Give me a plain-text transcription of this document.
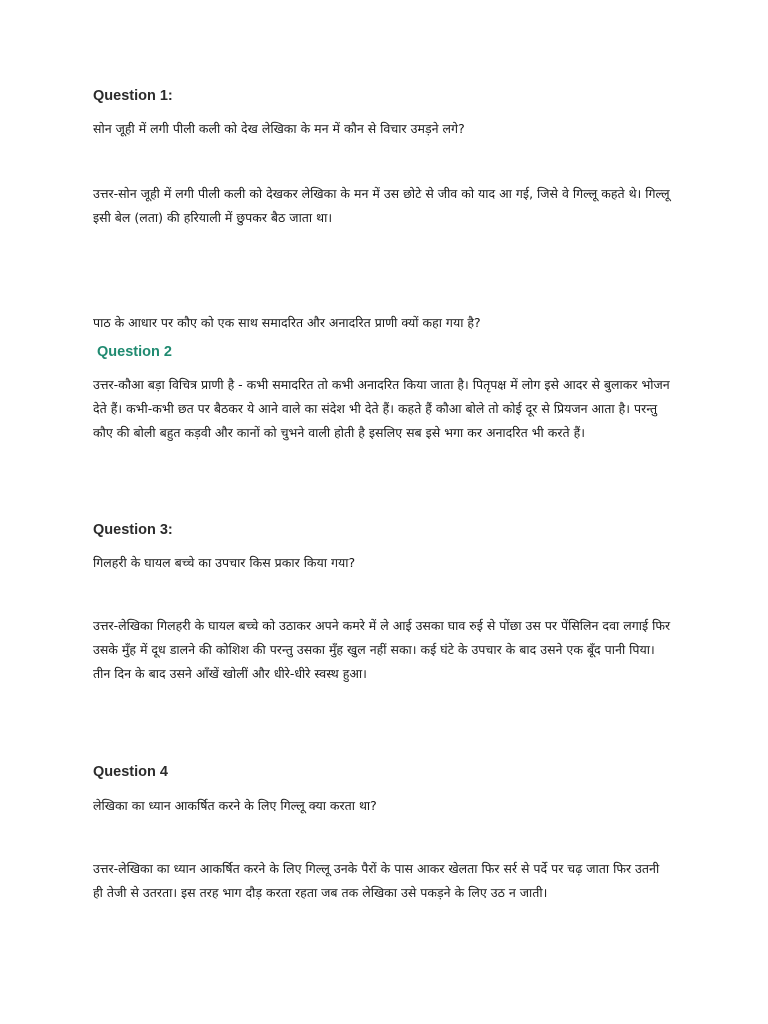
Question 1:
सोन जूही में लगी पीली कली को देख लेखिका के मन में कौन से विचार उमड़ने लगे?
उत्तर-सोन जूही में लगी पीली कली को देखकर लेखिका के मन में उस छोटे से जीव को याद आ गई, जिसे वे गिल्लू कहते थे। गिल्लू इसी बेल (लता) की हरियाली में छुपकर बैठ जाता था।
पाठ के आधार पर कौए को एक साथ समादरित और अनादरित प्राणी क्यों कहा गया है?
Question 2
उत्तर-कौआ बड़ा विचित्र प्राणी है - कभी समादरित तो कभी अनादरित किया जाता है। पितृपक्ष में लोग इसे आदर से बुलाकर भोजन देते हैं। कभी-कभी छत पर बैठकर ये आने वाले का संदेश भी देते हैं। कहते हैं कौआ बोले तो कोई दूर से प्रियजन आता है। परन्तु कौए की बोली बहुत कड़वी और कानों को चुभने वाली होती है इसलिए सब इसे भगा कर अनादरित भी करते हैं।
Question 3:
गिलहरी के घायल बच्चे का उपचार किस प्रकार किया गया?
उत्तर-लेखिका गिलहरी के घायल बच्चे को उठाकर अपने कमरे में ले आई उसका घाव रुई से पोंछा उस पर पेंसिलिन दवा लगाई फिर उसके मुँह में दूध डालने की कोशिश की परन्तु उसका मुँह खुल नहीं सका। कई घंटे के उपचार के बाद उसने एक बूँद पानी पिया। तीन दिन के बाद उसने आँखें खोलीं और धीरे-धीरे स्वस्थ हुआ।
Question 4
लेखिका का ध्यान आकर्षित करने के लिए गिल्लू क्या करता था?
उत्तर-लेखिका का ध्यान आकर्षित करने के लिए गिल्लू उनके पैरों के पास आकर खेलता फिर सर्र से पर्दे पर चढ़ जाता फिर उतनी ही तेजी से उतरता। इस तरह भाग दौड़ करता रहता जब तक लेखिका उसे पकड़ने के लिए उठ न जाती।
